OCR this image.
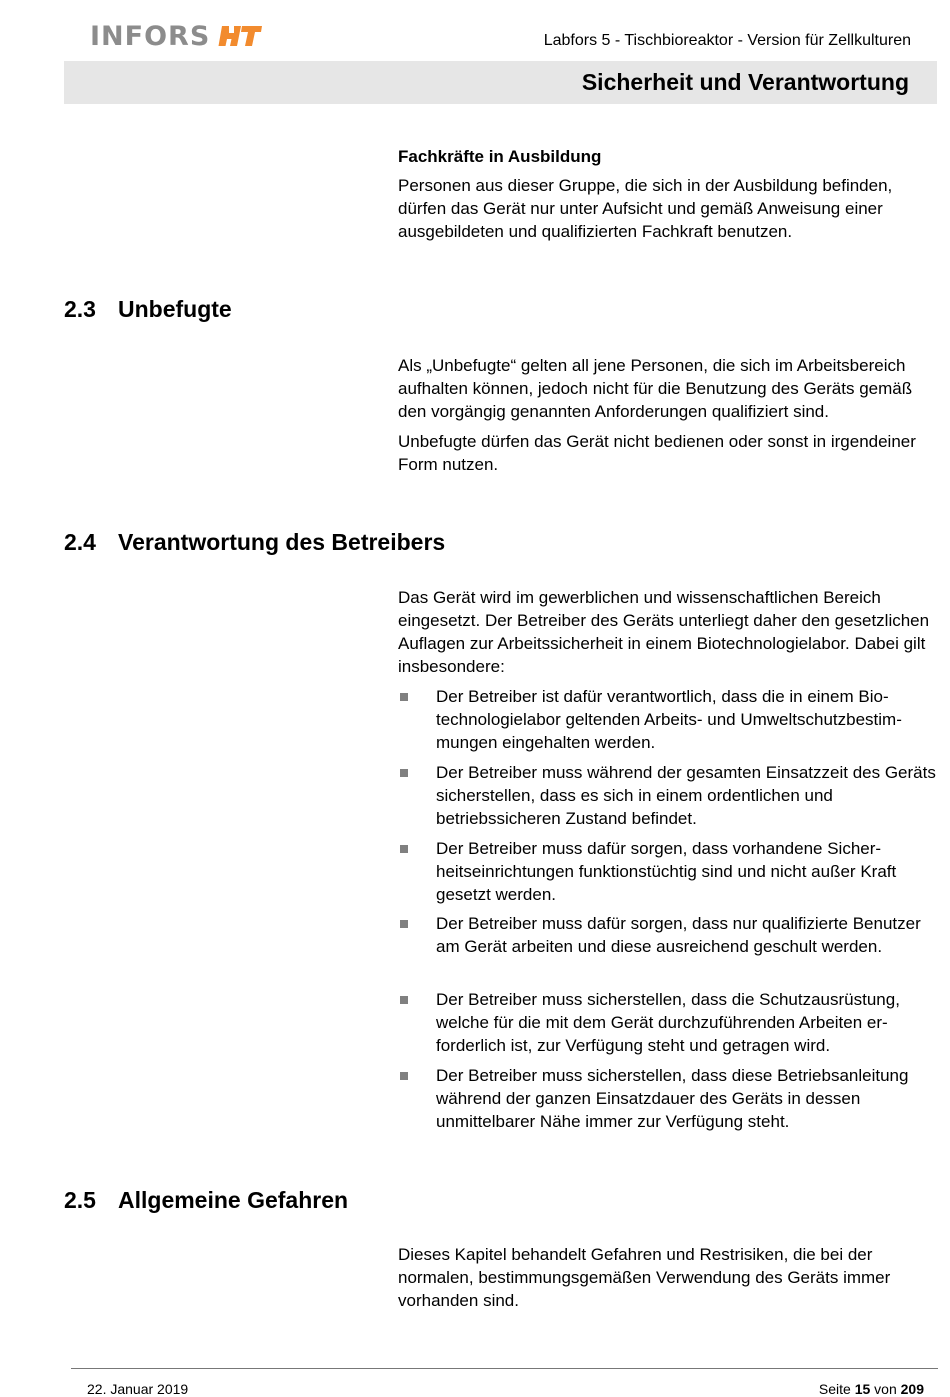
INFORS	Labfors 5 - Tischbioreaktor - Version für Zellkulturen
Sicherheit und Verantwortung

Fachkräfte in Ausbildung

Personen aus dieser Gruppe, die sich in der Ausbildung befinden, dürfen das Gerät nur unter Aufsicht und gemäß Anweisung einer ausgebildeten und qualifizierten Fachkraft benutzen.

2.3 Unbefugte

Als „Unbefugte“ gelten all jene Personen, die sich im Arbeitsbereich aufhalten können, jedoch nicht für die Benutzung des Geräts gemäß den vorgängig genannten Anforderungen qualifiziert sind.

Unbefugte dürfen das Gerät nicht bedienen oder sonst in irgendeiner Form nutzen.

2.4 Verantwortung des Betreibers

Das Gerät wird im gewerblichen und wissenschaftlichen Bereich eingesetzt. Der Betreiber des Geräts unterliegt daher den gesetzlichen Auflagen zur Arbeitssicherheit in einem Biotechnologielabor. Dabei gilt insbesondere:

Der Betreiber ist dafür verantwortlich, dass die in einem Biotechnologielabor geltenden Arbeits- und Umweltschutzbestimmungen eingehalten werden.
Der Betreiber muss während der gesamten Einsatzzeit des Geräts sicherstellen, dass es sich in einem ordentlichen und betriebssicheren Zustand befindet.
Der Betreiber muss dafür sorgen, dass vorhandene Sicherheitseinrichtungen funktionstüchtig sind und nicht außer Kraft gesetzt werden.
Der Betreiber muss dafür sorgen, dass nur qualifizierte Benutzer am Gerät arbeiten und diese ausreichend geschult werden.
Der Betreiber muss sicherstellen, dass die Schutzausrüstung, welche für die mit dem Gerät durchzuführenden Arbeiten erforderlich ist, zur Verfügung steht und getragen wird.
Der Betreiber muss sicherstellen, dass diese Betriebsanleitung während der ganzen Einsatzdauer des Geräts in dessen unmittelbarer Nähe immer zur Verfügung steht.
2.5 Allgemeine Gefahren

Dieses Kapitel behandelt Gefahren und Restrisiken, die bei der normalen, bestimmungsgemäßen Verwendung des Geräts immer vorhanden sind.

22. Januar 2019	Seite 15 von 209
